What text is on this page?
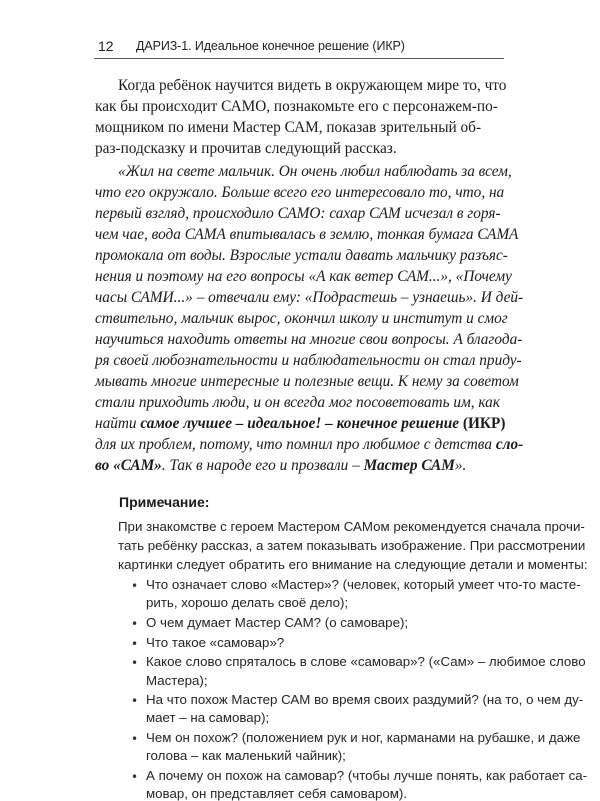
12 ДАРИЗ-1. Идеальное конечное решение (ИКР)
Когда ребёнок научится видеть в окружающем мире то, что
как бы происходит САМО, познакомьте его с персонажем-по-
мощником по имени Мастер САМ, показав зрительный об-
раз-подсказку и прочитав следующий рассказ.
«Жил на свете мальчик. Он очень любил наблюдать за всем,
что его окружало. Больше всего его интересовало то, что, на
первый взгляд, происходило САМО: сахар САМ исчезал в горя-
чем чае, вода САМА впитывалась в землю, тонкая бумага САМА
промокала от воды. Взрослые устали давать мальчику разъяс-
нения и поэтому на его вопросы «А как ветер САМ...», «Почему
часы САМИ...» – отвечали ему: «Подрастешь – узнаешь». И дей-
ствительно, мальчик вырос, окончил школу и институт и смог
научиться находить ответы на многие свои вопросы. А благода-
ря своей любознательности и наблюдательности он стал приду-
мывать многие интересные и полезные вещи. К нему за советом
стали приходить люди, и он всегда мог посоветовать им, как
найти самое лучшее – идеальное! – конечное решение (ИКР)
для их проблем, потому, что помнил про любимое с детства сло-
во «САМ». Так в народе его и прозвали – Мастер САМ».
Примечание:
При знакомстве с героем Мастером САМом рекомендуется сначала прочи-
тать ребёнку рассказ, а затем показывать изображение. При рассмотрении
картинки следует обратить его внимание на следующие детали и моменты:
• Что означает слово «Мастер»? (человек, который умеет что-то масте-
рить, хорошо делать своё дело);
• О чем думает Мастер САМ? (о самоваре);
• Что такое «самовар»?
• Какое слово спряталось в слове «самовар»? («Сам» – любимое слово
Мастера);
• На что похож Мастер САМ во время своих раздумий? (на то, о чем ду-
мает – на самовар);
• Чем он похож? (положением рук и ног, карманами на рубашке, и даже
голова – как маленький чайник);
• А почему он похож на самовар? (чтобы лучше понять, как работает са-
мовар, он представляет себя самоваром).
